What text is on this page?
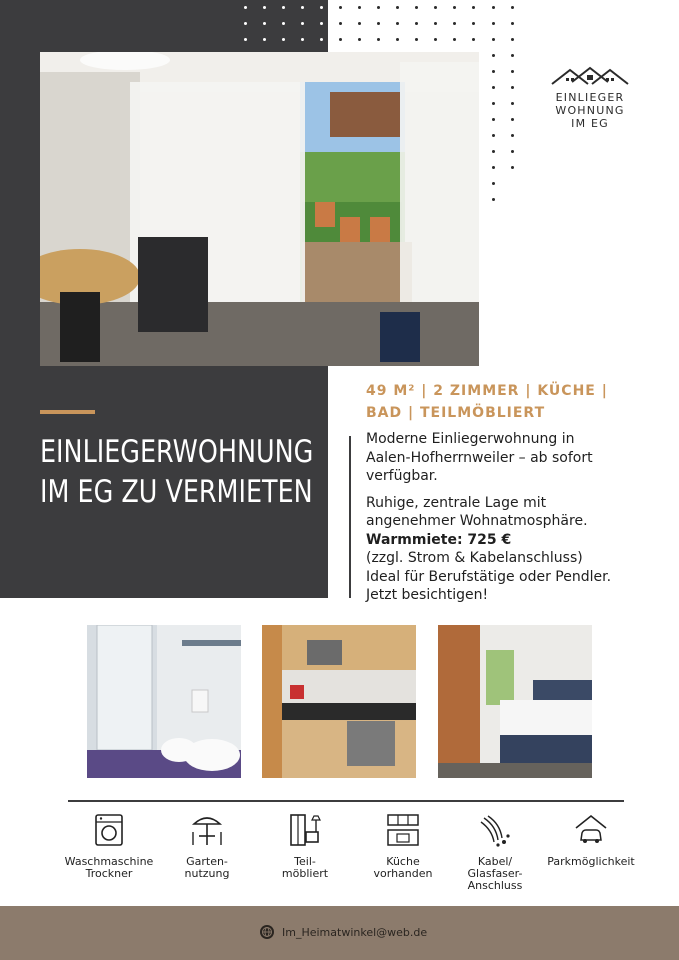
EINLIEGER
WOHNUNG
IM EG
EINLIEGERWOHNUNG
IM EG ZU VERMIETEN
49 M² | 2 ZIMMER | KÜCHE |
BAD | TEILMÖBLIERT

Moderne Einliegerwohnung in

Aalen-Hofherrnweiler – ab sofort

verfügbar.

Ruhige, zentrale Lage mit

angenehmer Wohnatmosphäre.

Warmmiete: 725 €

(zzgl. Strom & Kabelanschluss)

Ideal für Berufstätige oder Pendler.

Jetzt besichtigen!

Waschmaschine
Trockner
Garten-
nutzung
Teil-
möbliert
Küche
vorhanden
Kabel/
Glasfaser-
Anschluss
Parkmöglichkeit
Im_Heimatwinkel@web.de
